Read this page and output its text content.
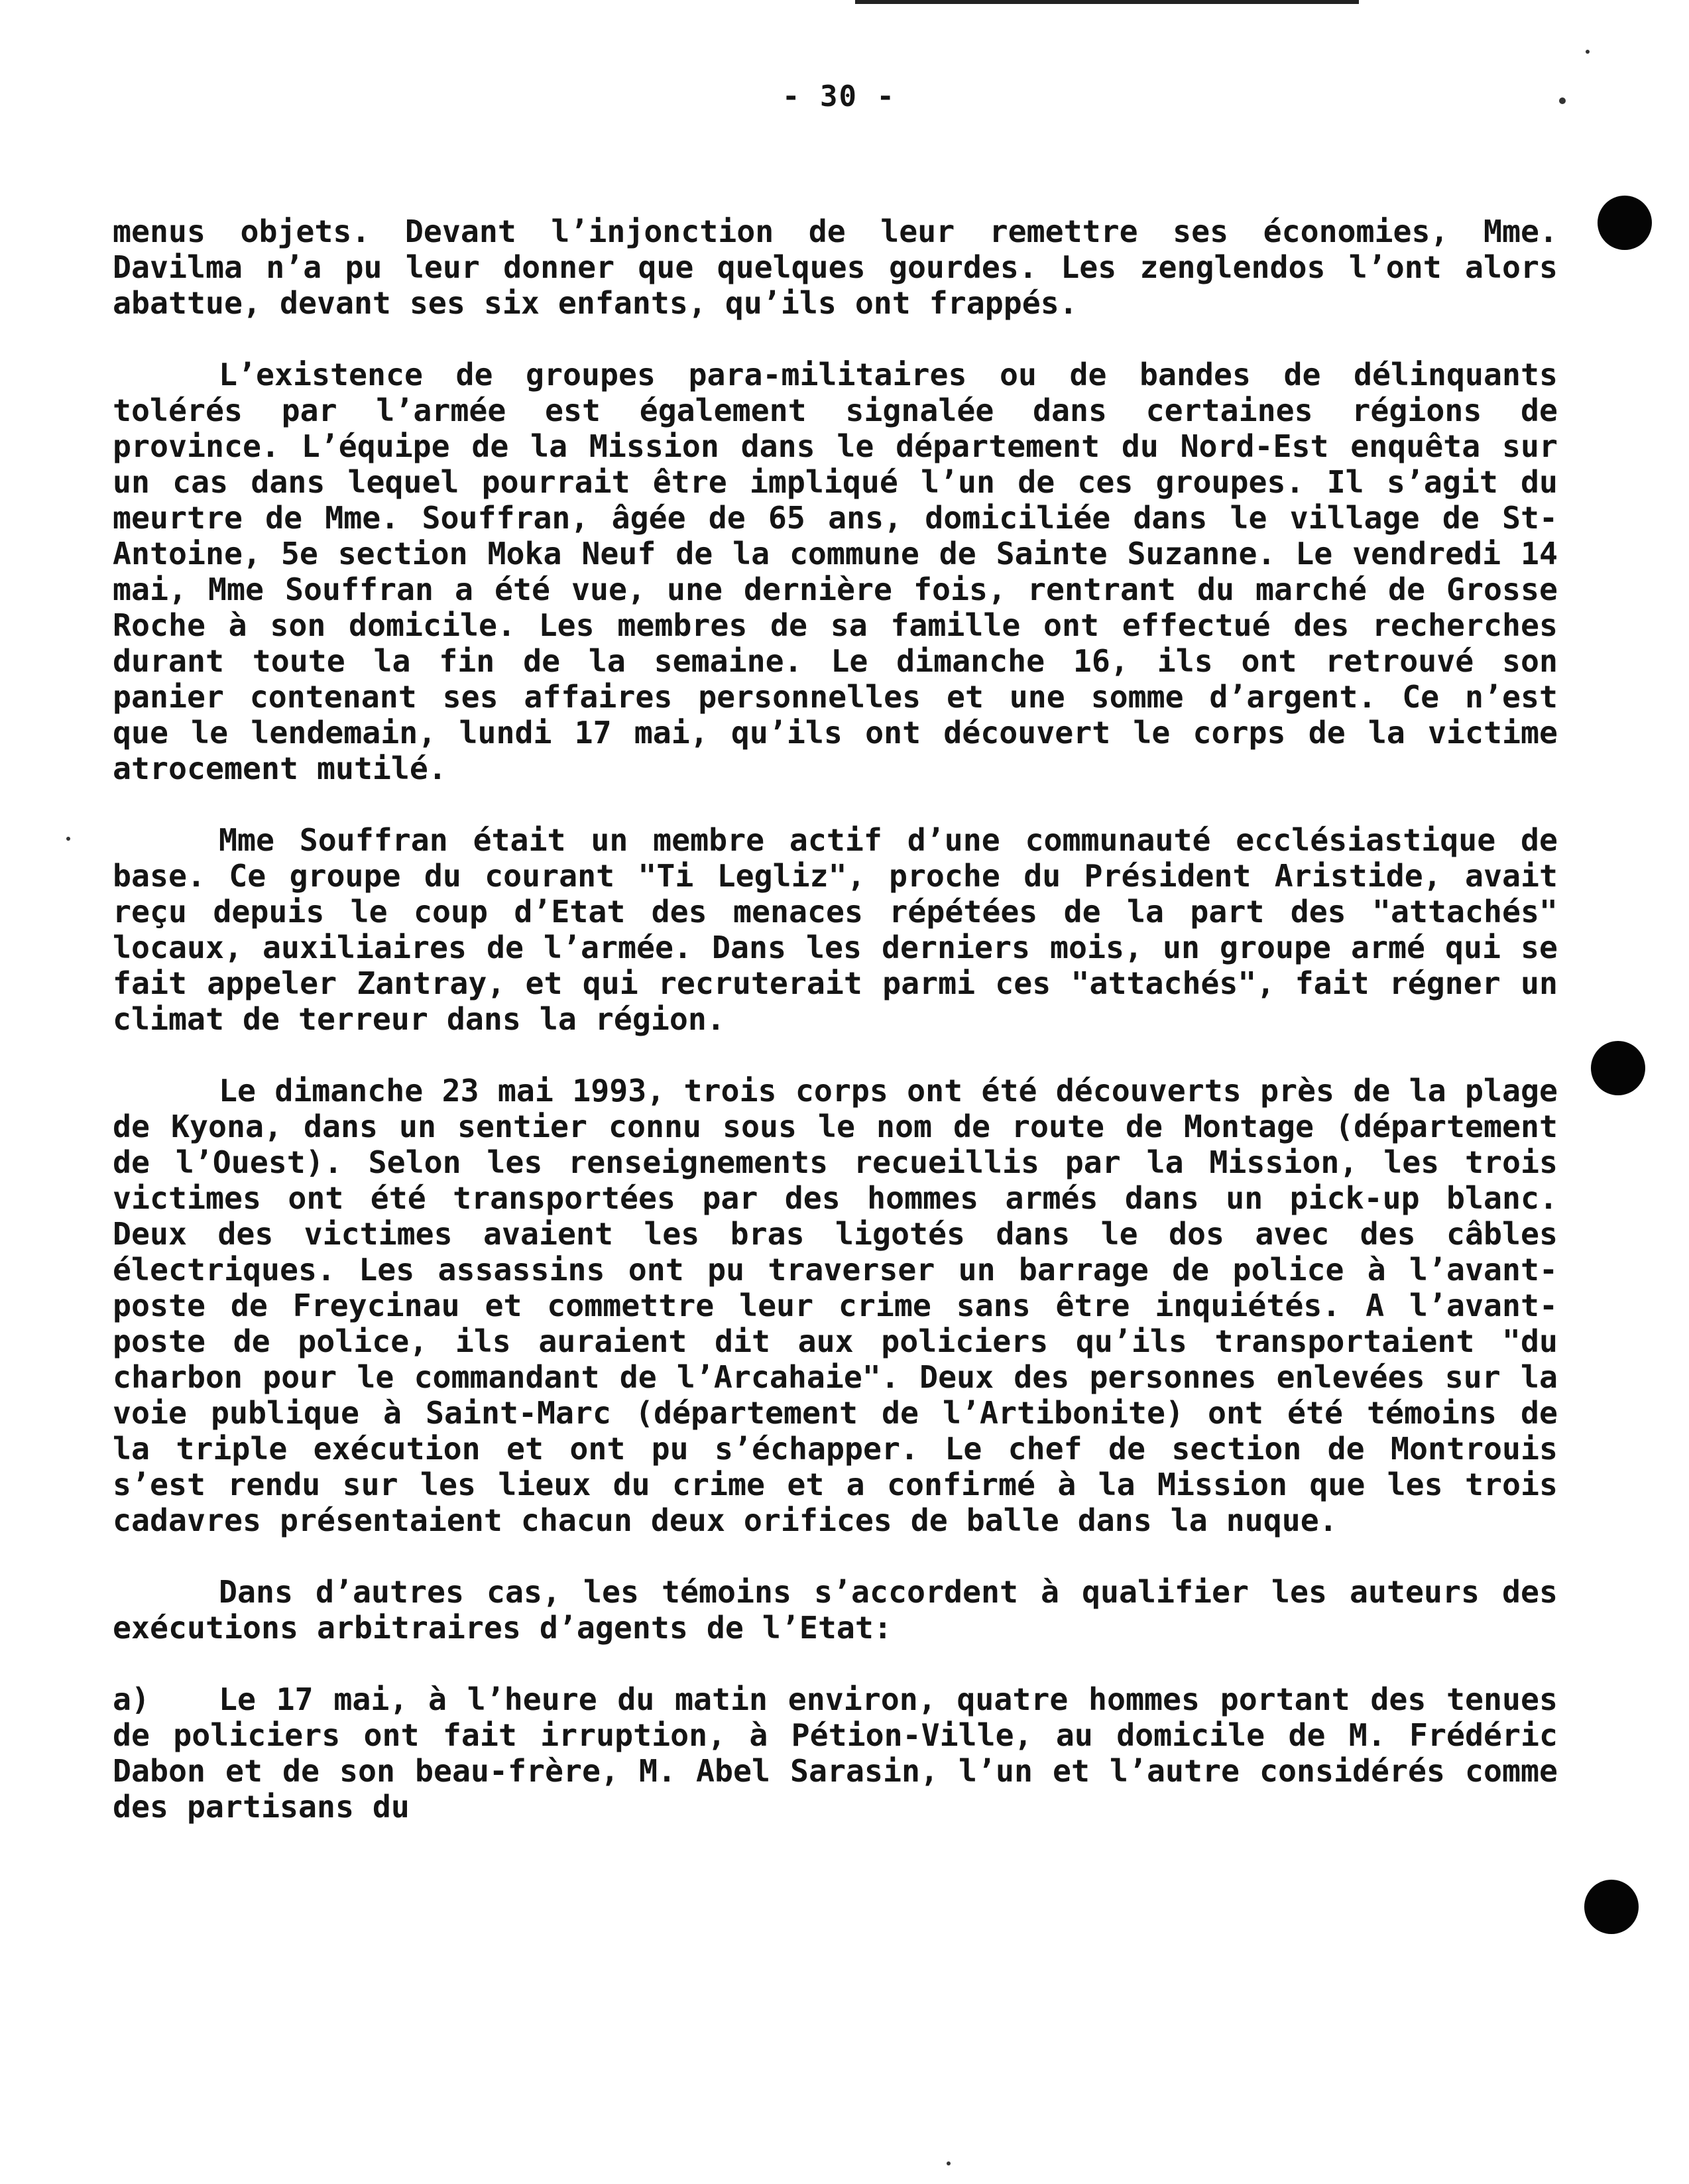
- 30 -

menus objets. Devant l’injonction de leur remettre ses économies, Mme. Davilma n’a pu leur donner que quelques gourdes. Les zenglendos l’ont alors abattue, devant ses six enfants, qu’ils ont frappés.

L’existence de groupes para-militaires ou de bandes de délinquants tolérés par l’armée est également signalée dans certaines régions de province. L’équipe de la Mission dans le département du Nord-Est enquêta sur un cas dans lequel pourrait être impliqué l’un de ces groupes. Il s’agit du meurtre de Mme. Souffran, âgée de 65 ans, domiciliée dans le village de St-Antoine, 5e section Moka Neuf de la commune de Sainte Suzanne. Le vendredi 14 mai, Mme Souffran a été vue, une dernière fois, rentrant du marché de Grosse Roche à son domicile. Les membres de sa famille ont effectué des recherches durant toute la fin de la semaine. Le dimanche 16, ils ont retrouvé son panier contenant ses affaires personnelles et une somme d’argent. Ce n’est que le lendemain, lundi 17 mai, qu’ils ont découvert le corps de la victime atrocement mutilé.

Mme Souffran était un membre actif d’une communauté ecclésiastique de base. Ce groupe du courant "Ti Legliz", proche du Président Aristide, avait reçu depuis le coup d’Etat des menaces répétées de la part des "attachés" locaux, auxiliaires de l’armée. Dans les derniers mois, un groupe armé qui se fait appeler Zantray, et qui recruterait parmi ces "attachés", fait régner un climat de terreur dans la région.

Le dimanche 23 mai 1993, trois corps ont été découverts près de la plage de Kyona, dans un sentier connu sous le nom de route de Montage (département de l’Ouest). Selon les renseignements recueillis par la Mission, les trois victimes ont été transportées par des hommes armés dans un pick-up blanc. Deux des victimes avaient les bras ligotés dans le dos avec des câbles électriques. Les assassins ont pu traverser un barrage de police à l’avant-poste de Freycinau et commettre leur crime sans être inquiétés. A l’avant-poste de police, ils auraient dit aux policiers qu’ils transportaient "du charbon pour le commandant de l’Arcahaie". Deux des personnes enlevées sur la voie publique à Saint-Marc (département de l’Artibonite) ont été témoins de la triple exécution et ont pu s’échapper. Le chef de section de Montrouis s’est rendu sur les lieux du crime et a confirmé à la Mission que les trois cadavres présentaient chacun deux orifices de balle dans la nuque.

Dans d’autres cas, les témoins s’accordent à qualifier les auteurs des exécutions arbitraires d’agents de l’Etat:

a) Le 17 mai, à l’heure du matin environ, quatre hommes portant des tenues de policiers ont fait irruption, à Pétion-Ville, au domicile de M. Frédéric Dabon et de son beau-frère, M. Abel Sarasin, l’un et l’autre considérés comme des partisans du
